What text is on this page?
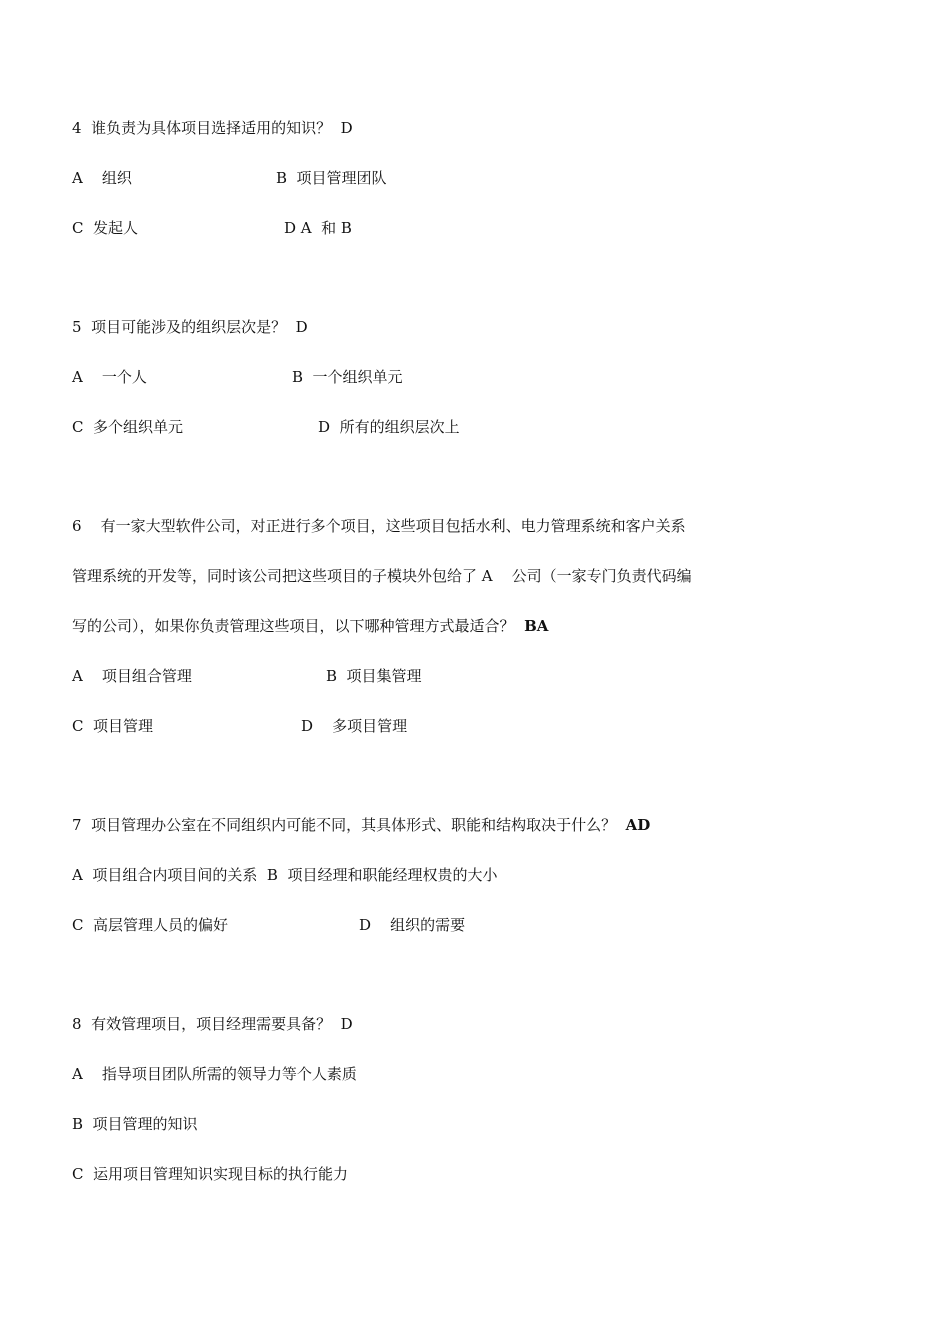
4  谁负责为具体项目选择适用的知识？  D
A    组织	B  项目管理团队
C  发起人	D A  和 B
5  项目可能涉及的组织层次是？  D
A    一个人	B  一个组织单元
C  多个组织单元	D  所有的组织层次上
6    有一家大型软件公司，对正进行多个项目，这些项目包括水利、电力管理系统和客户关系
管理系统的开发等，同时该公司把这些项目的子模块外包给了 A    公司（一家专门负责代码编
写的公司），如果你负责管理这些项目，以下哪种管理方式最适合？ BA
A    项目组合管理	B  项目集管理
C  项目管理	D    多项目管理
7  项目管理办公室在不同组织内可能不同，其具体形式、职能和结构取决于什么？ AD
A  项目组合内项目间的关系  B  项目经理和职能经理权贵的大小
C  高层管理人员的偏好	D    组织的需要
8  有效管理项目，项目经理需要具备？  D
A    指导项目团队所需的领导力等个人素质
B  项目管理的知识
C  运用项目管理知识实现目标的执行能力
